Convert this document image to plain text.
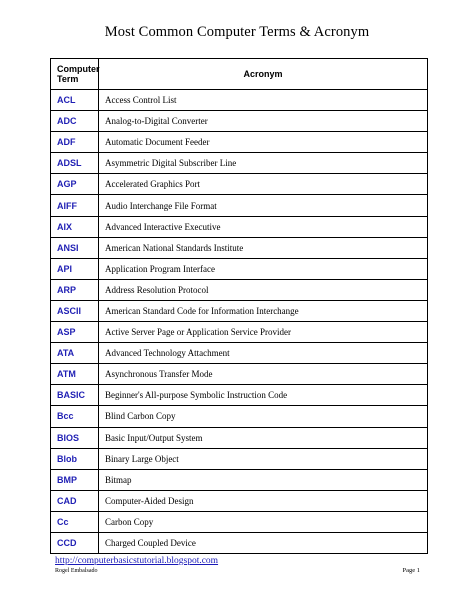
Most Common Computer Terms & Acronym
Computer Term	Acronym
ACL	Access Control List
ADC	Analog-to-Digital Converter
ADF	Automatic Document Feeder
ADSL	Asymmetric Digital Subscriber Line
AGP	Accelerated Graphics Port
AIFF	Audio Interchange File Format
AIX	Advanced Interactive Executive
ANSI	American National Standards Institute
API	Application Program Interface
ARP	Address Resolution Protocol
ASCII	American Standard Code for Information Interchange
ASP	Active Server Page or Application Service Provider
ATA	Advanced Technology Attachment
ATM	Asynchronous Transfer Mode
BASIC	Beginner's All-purpose Symbolic Instruction Code
Bcc	Blind Carbon Copy
BIOS	Basic Input/Output System
Blob	Binary Large Object
BMP	Bitmap
CAD	Computer-Aided Design
Cc	Carbon Copy
CCD	Charged Coupled Device
http://computerbasicstutorial.blogspot.com
Rogel Embalsado	Page 1
